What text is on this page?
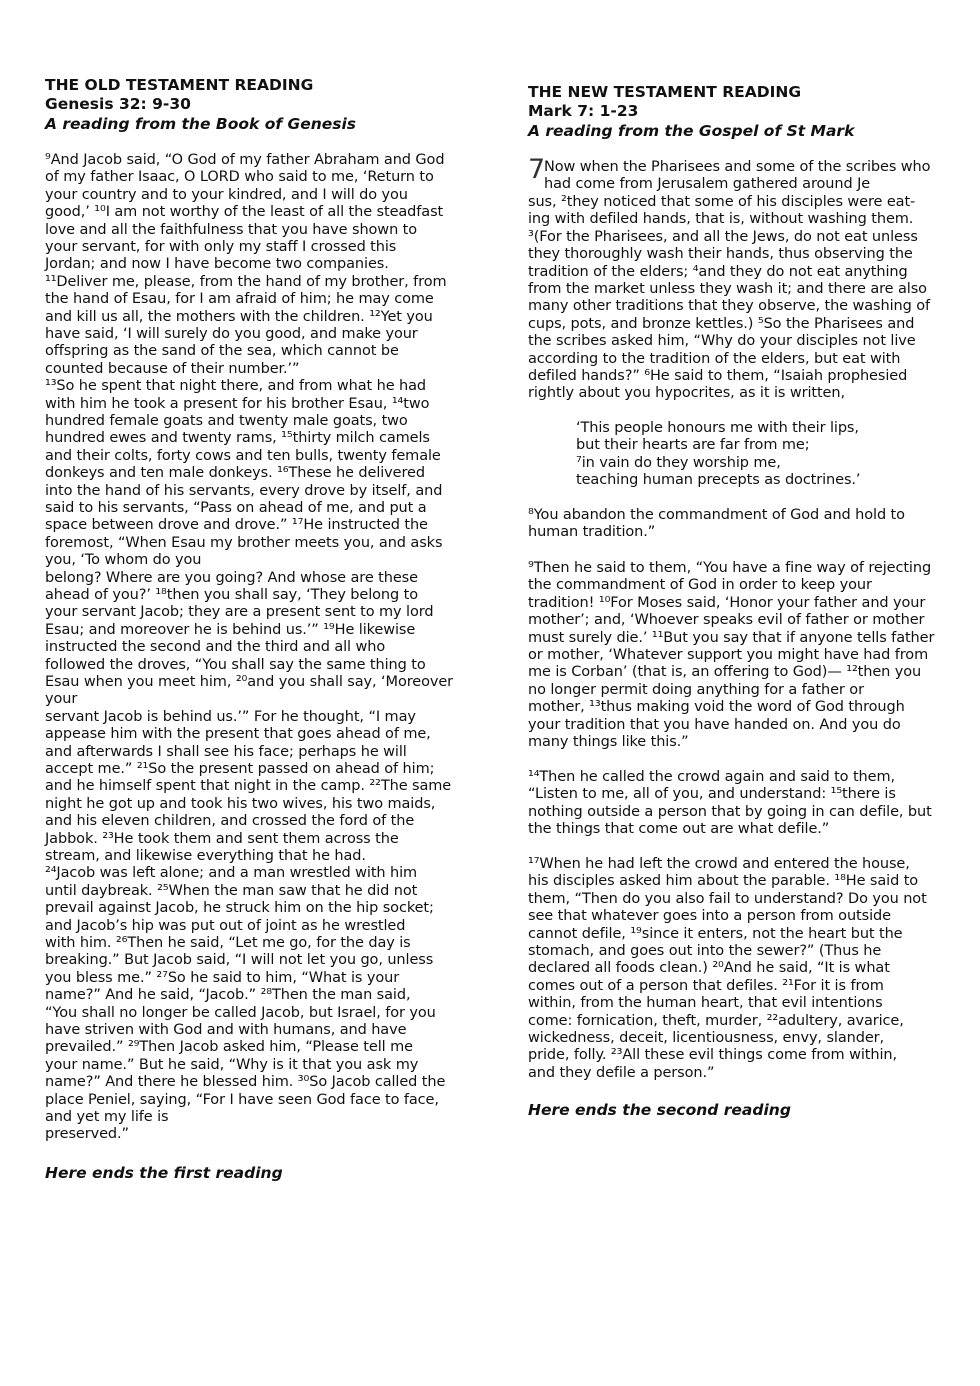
THE OLD TESTAMENT READING
Genesis 32: 9-30
A reading from the Book of Genesis
⁹And Jacob said, “O God of my father Abraham and God
of my father Isaac, O LORD who said to me, ‘Return to
your country and to your kindred, and I will do you
good,’ ¹⁰I am not worthy of the least of all the steadfast
love and all the faithfulness that you have shown to
your servant, for with only my staff I crossed this
Jordan; and now I have become two companies.
¹¹Deliver me, please, from the hand of my brother, from
the hand of Esau, for I am afraid of him; he may come
and kill us all, the mothers with the children. ¹²Yet you
have said, ‘I will surely do you good, and make your
offspring as the sand of the sea, which cannot be
counted because of their number.’”
¹³So he spent that night there, and from what he had
with him he took a present for his brother Esau, ¹⁴two
hundred female goats and twenty male goats, two
hundred ewes and twenty rams, ¹⁵thirty milch camels
and their colts, forty cows and ten bulls, twenty female
donkeys and ten male donkeys. ¹⁶These he delivered
into the hand of his servants, every drove by itself, and
said to his servants, “Pass on ahead of me, and put a
space between drove and drove.” ¹⁷He instructed the
foremost, “When Esau my brother meets you, and asks
you, ‘To whom do you
belong? Where are you going? And whose are these
ahead of you?’ ¹⁸then you shall say, ‘They belong to
your servant Jacob; they are a present sent to my lord
Esau; and moreover he is behind us.’” ¹⁹He likewise
instructed the second and the third and all who
followed the droves, “You shall say the same thing to
Esau when you meet him, ²⁰and you shall say, ‘Moreover
your
servant Jacob is behind us.’” For he thought, “I may
appease him with the present that goes ahead of me,
and afterwards I shall see his face; perhaps he will
accept me.” ²¹So the present passed on ahead of him;
and he himself spent that night in the camp. ²²The same
night he got up and took his two wives, his two maids,
and his eleven children, and crossed the ford of the
Jabbok. ²³He took them and sent them across the
stream, and likewise everything that he had.
²⁴Jacob was left alone; and a man wrestled with him
until daybreak. ²⁵When the man saw that he did not
prevail against Jacob, he struck him on the hip socket;
and Jacob’s hip was put out of joint as he wrestled
with him. ²⁶Then he said, “Let me go, for the day is
breaking.” But Jacob said, “I will not let you go, unless
you bless me.” ²⁷So he said to him, “What is your
name?” And he said, “Jacob.” ²⁸Then the man said,
“You shall no longer be called Jacob, but Israel, for you
have striven with God and with humans, and have
prevailed.” ²⁹Then Jacob asked him, “Please tell me
your name.” But he said, “Why is it that you ask my
name?” And there he blessed him. ³⁰So Jacob called the
place Peniel, saying, “For I have seen God face to face,
and yet my life is
preserved.”
Here ends the first reading
THE NEW TESTAMENT READING
Mark 7: 1-23
A reading from the Gospel of St Mark
7
Now when the Pharisees and some of the scribes who
had come from Jerusalem gathered around Je
sus, ²they noticed that some of his disciples were eat-
ing with defiled hands, that is, without washing them.
³(For the Pharisees, and all the Jews, do not eat unless
they thoroughly wash their hands, thus observing the
tradition of the elders; ⁴and they do not eat anything
from the market unless they wash it; and there are also
many other traditions that they observe, the washing of
cups, pots, and bronze kettles.) ⁵So the Pharisees and
the scribes asked him, “Why do your disciples not live
according to the tradition of the elders, but eat with
defiled hands?” ⁶He said to them, “Isaiah prophesied
rightly about you hypocrites, as it is written,
‘This people honours me with their lips,
but their hearts are far from me;
⁷in vain do they worship me,
teaching human precepts as doctrines.’
⁸You abandon the commandment of God and hold to
human tradition.”
⁹Then he said to them, “You have a fine way of rejecting
the commandment of God in order to keep your
tradition! ¹⁰For Moses said, ‘Honor your father and your
mother’; and, ‘Whoever speaks evil of father or mother
must surely die.’ ¹¹But you say that if anyone tells father
or mother, ‘Whatever support you might have had from
me is Corban’ (that is, an offering to God)— ¹²then you
no longer permit doing anything for a father or
mother, ¹³thus making void the word of God through
your tradition that you have handed on. And you do
many things like this.”
¹⁴Then he called the crowd again and said to them,
“Listen to me, all of you, and understand: ¹⁵there is
nothing outside a person that by going in can defile, but
the things that come out are what defile.”
¹⁷When he had left the crowd and entered the house,
his disciples asked him about the parable. ¹⁸He said to
them, “Then do you also fail to understand? Do you not
see that whatever goes into a person from outside
cannot defile, ¹⁹since it enters, not the heart but the
stomach, and goes out into the sewer?” (Thus he
declared all foods clean.) ²⁰And he said, “It is what
comes out of a person that defiles. ²¹For it is from
within, from the human heart, that evil intentions
come: fornication, theft, murder, ²²adultery, avarice,
wickedness, deceit, licentiousness, envy, slander,
pride, folly. ²³All these evil things come from within,
and they defile a person.”
Here ends the second reading
